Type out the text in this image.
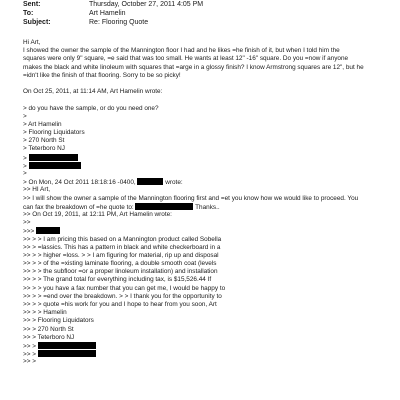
Sent:	Thursday, October 27, 2011 4:05 PM
To:	Art Hamelin
Subject:	Re: Flooring Quote
Hi Art,
I showed the owner the sample of the Mannington floor I had and he likes =he finish of it, but when I told him the
squares were only 9" square, =e said that was too small. He wants at least 12" -16" square. Do you =now if anyone
makes the black and white linoleum with squares that =arge in a glossy finish? I know Armstrong squares are 12", but he
=idn't like the finish of that flooring. Sorry to be so picky!
On Oct 25, 2011, at 11:14 AM, Art Hamelin wrote:
> do you have the sample, or do you need one?
>
> Art Hamelin
> Flooring Liquidators
> 270 North St
> Teterboro NJ
>
>
>
> On Mon, 24 Oct 2011 18:18:16 -0400,	wrote:
>> HI Art,
>> I will show the owner a sample of the Mannington flooring first and =et you know how we would like to proceed. You
can fax the breakdown of =he quote to:	Thanks..
>> On Oct 19, 2011, at 12:11 PM, Art Hamelin wrote:
>>
>>>
>> > > I am pricing this based on a Mannington product called Sobella
>> > =lassics. This has a pattern in black and white checkerboard in a
>> > > higher =loss. > > I am figuring for material, rip up and disposal
>> > > of the =xisting laminate flooring, a double smooth coat (levels
>> > > the subfloor =or a proper linoleum installation) and installation
>> > > The grand total for everything including tax, is $15,526.44 If
>> > > you have a fax number that you can get me, I would be happy to
>> > > =end over the breakdown. > > I thank you for the opportunity to
>> > > quote =his work for you and I hope to hear from you soon, Art
>> > > Hamelin
>> > Flooring Liquidators
>> > 270 North St
>> > Teterboro NJ
>> >
>> >
>> >
